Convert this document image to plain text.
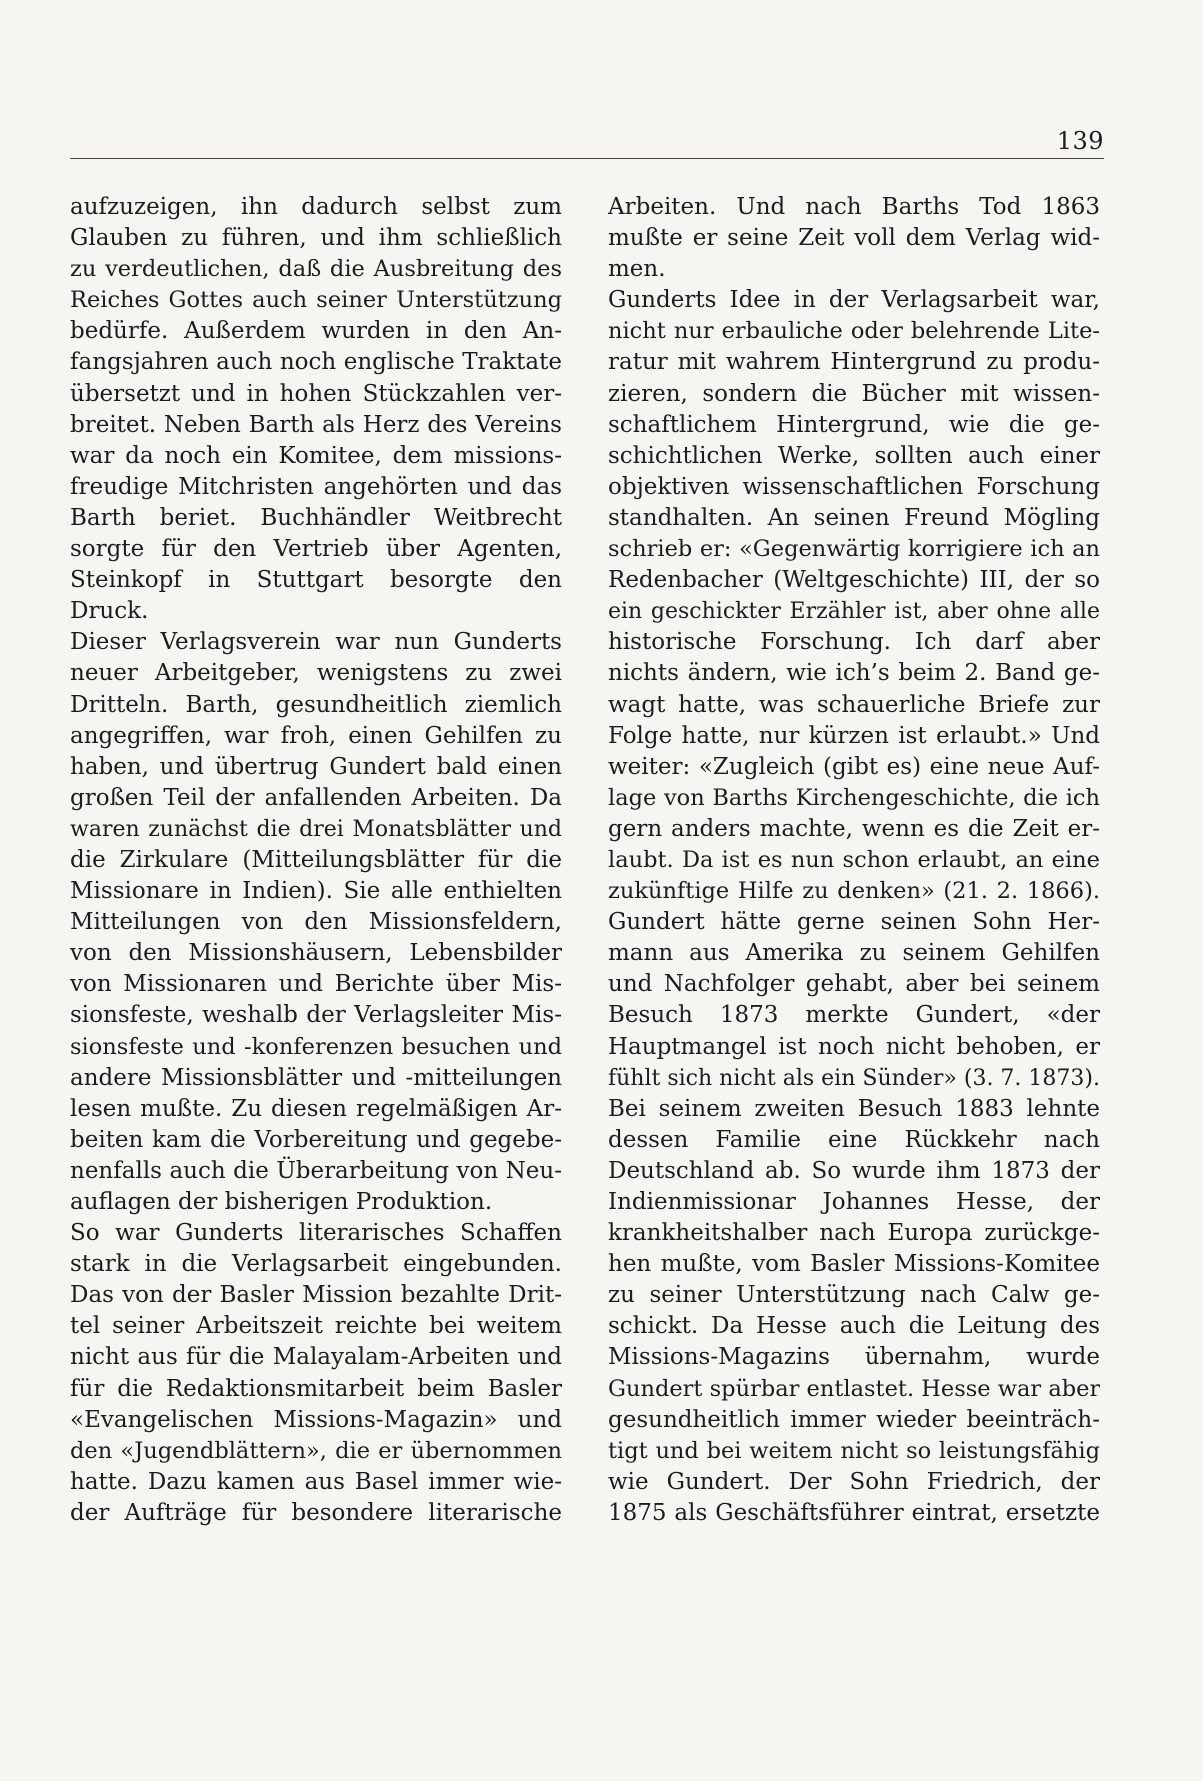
139
aufzuzeigen, ihn dadurch selbst zum
Glauben zu führen, und ihm schließlich
zu verdeutlichen, daß die Ausbreitung des
Reiches Gottes auch seiner Unterstützung
bedürfe. Außerdem wurden in den An-
fangsjahren auch noch englische Traktate
übersetzt und in hohen Stückzahlen ver-
breitet. Neben Barth als Herz des Vereins
war da noch ein Komitee, dem missions-
freudige Mitchristen angehörten und das
Barth beriet. Buchhändler Weitbrecht
sorgte für den Vertrieb über Agenten,
Steinkopf in Stuttgart besorgte den
Druck.
Dieser Verlagsverein war nun Gunderts
neuer Arbeitgeber, wenigstens zu zwei
Dritteln. Barth, gesundheitlich ziemlich
angegriffen, war froh, einen Gehilfen zu
haben, und übertrug Gundert bald einen
großen Teil der anfallenden Arbeiten. Da
waren zunächst die drei Monatsblätter und
die Zirkulare (Mitteilungsblätter für die
Missionare in Indien). Sie alle enthielten
Mitteilungen von den Missionsfeldern,
von den Missionshäusern, Lebensbilder
von Missionaren und Berichte über Mis-
sionsfeste, weshalb der Verlagsleiter Mis-
sionsfeste und -konferenzen besuchen und
andere Missionsblätter und -mitteilungen
lesen mußte. Zu diesen regelmäßigen Ar-
beiten kam die Vorbereitung und gegebe-
nenfalls auch die Überarbeitung von Neu-
auflagen der bisherigen Produktion.
So war Gunderts literarisches Schaffen
stark in die Verlagsarbeit eingebunden.
Das von der Basler Mission bezahlte Drit-
tel seiner Arbeitszeit reichte bei weitem
nicht aus für die Malayalam-Arbeiten und
für die Redaktionsmitarbeit beim Basler
«Evangelischen Missions-Magazin» und
den «Jugendblättern», die er übernommen
hatte. Dazu kamen aus Basel immer wie-
der Aufträge für besondere literarische
Arbeiten. Und nach Barths Tod 1863
mußte er seine Zeit voll dem Verlag wid-
men.
Gunderts Idee in der Verlagsarbeit war,
nicht nur erbauliche oder belehrende Lite-
ratur mit wahrem Hintergrund zu produ-
zieren, sondern die Bücher mit wissen-
schaftlichem Hintergrund, wie die ge-
schichtlichen Werke, sollten auch einer
objektiven wissenschaftlichen Forschung
standhalten. An seinen Freund Mögling
schrieb er: «Gegenwärtig korrigiere ich an
Redenbacher (Weltgeschichte) III, der so
ein geschickter Erzähler ist, aber ohne alle
historische Forschung. Ich darf aber
nichts ändern, wie ich’s beim 2. Band ge-
wagt hatte, was schauerliche Briefe zur
Folge hatte, nur kürzen ist erlaubt.» Und
weiter: «Zugleich (gibt es) eine neue Auf-
lage von Barths Kirchengeschichte, die ich
gern anders machte, wenn es die Zeit er-
laubt. Da ist es nun schon erlaubt, an eine
zukünftige Hilfe zu denken» (21. 2. 1866).
Gundert hätte gerne seinen Sohn Her-
mann aus Amerika zu seinem Gehilfen
und Nachfolger gehabt, aber bei seinem
Besuch 1873 merkte Gundert, «der
Hauptmangel ist noch nicht behoben, er
fühlt sich nicht als ein Sünder» (3. 7. 1873).
Bei seinem zweiten Besuch 1883 lehnte
dessen Familie eine Rückkehr nach
Deutschland ab. So wurde ihm 1873 der
Indienmissionar Johannes Hesse, der
krankheitshalber nach Europa zurückge-
hen mußte, vom Basler Missions-Komitee
zu seiner Unterstützung nach Calw ge-
schickt. Da Hesse auch die Leitung des
Missions-Magazins übernahm, wurde
Gundert spürbar entlastet. Hesse war aber
gesundheitlich immer wieder beeinträch-
tigt und bei weitem nicht so leistungsfähig
wie Gundert. Der Sohn Friedrich, der
1875 als Geschäftsführer eintrat, ersetzte
